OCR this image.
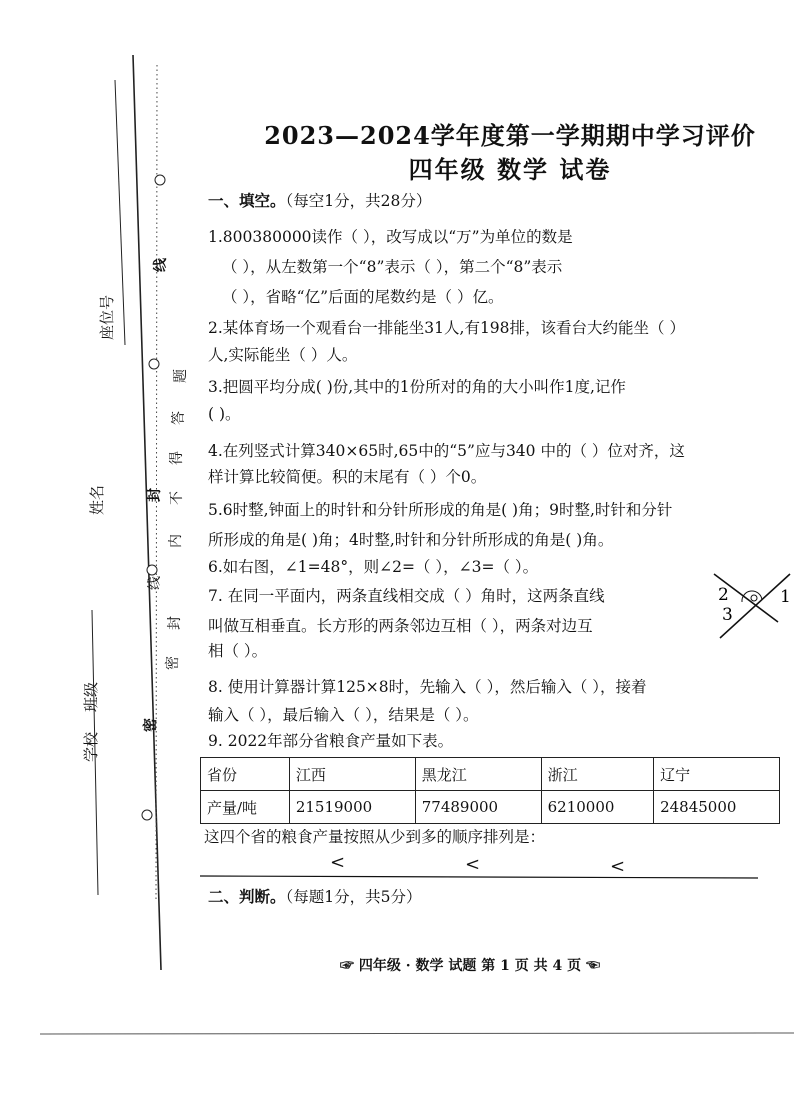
座位号
姓名
班级
学校
线
题
答
得
不
封
内
线
封
密
密
2023—2024学年度第一学期期中学习评价
四年级 数学 试卷
一、填空。（每空1分，共28分）
1.800380000读作（ ），改写成以“万”为单位的数是
（ ），从左数第一个“8”表示（ ），第二个“8”表示
（ ），省略“亿”后面的尾数约是（ ）亿。
2.某体育场一个观看台一排能坐31人,有198排，该看台大约能坐（ ）
人,实际能坐（ ）人。
3.把圆平均分成( )份,其中的1份所对的角的大小叫作1度,记作
( )。
4.在列竖式计算340×65时,65中的“5”应与340 中的（ ）位对齐，这
样计算比较简便。积的末尾有（ ）个0。
5.6时整,钟面上的时针和分针所形成的角是( )角；9时整,时针和分针
所形成的角是( )角；4时整,时针和分针所形成的角是( )角。
6.如右图，∠1=48°，则∠2=（ ），∠3=（ ）。
7. 在同一平面内，两条直线相交成（ ）角时，这两条直线
叫做互相垂直。长方形的两条邻边互相（ ），两条对边互
相（ ）。
2	1
3
8. 使用计算器计算125×8时，先输入（ ），然后输入（ ），接着
输入（ ），最后输入（ ），结果是（ ）。
9. 2022年部分省粮食产量如下表。
省份	江西	黑龙江	浙江	辽宁
产量/吨	21519000	77489000	6210000	24845000
这四个省的粮食产量按照从少到多的顺序排列是：
<	<	<
二、判断。（每题1分，共5分）
☞ 四年级 · 数学 试题 第 1 页 共 4 页 ☜
